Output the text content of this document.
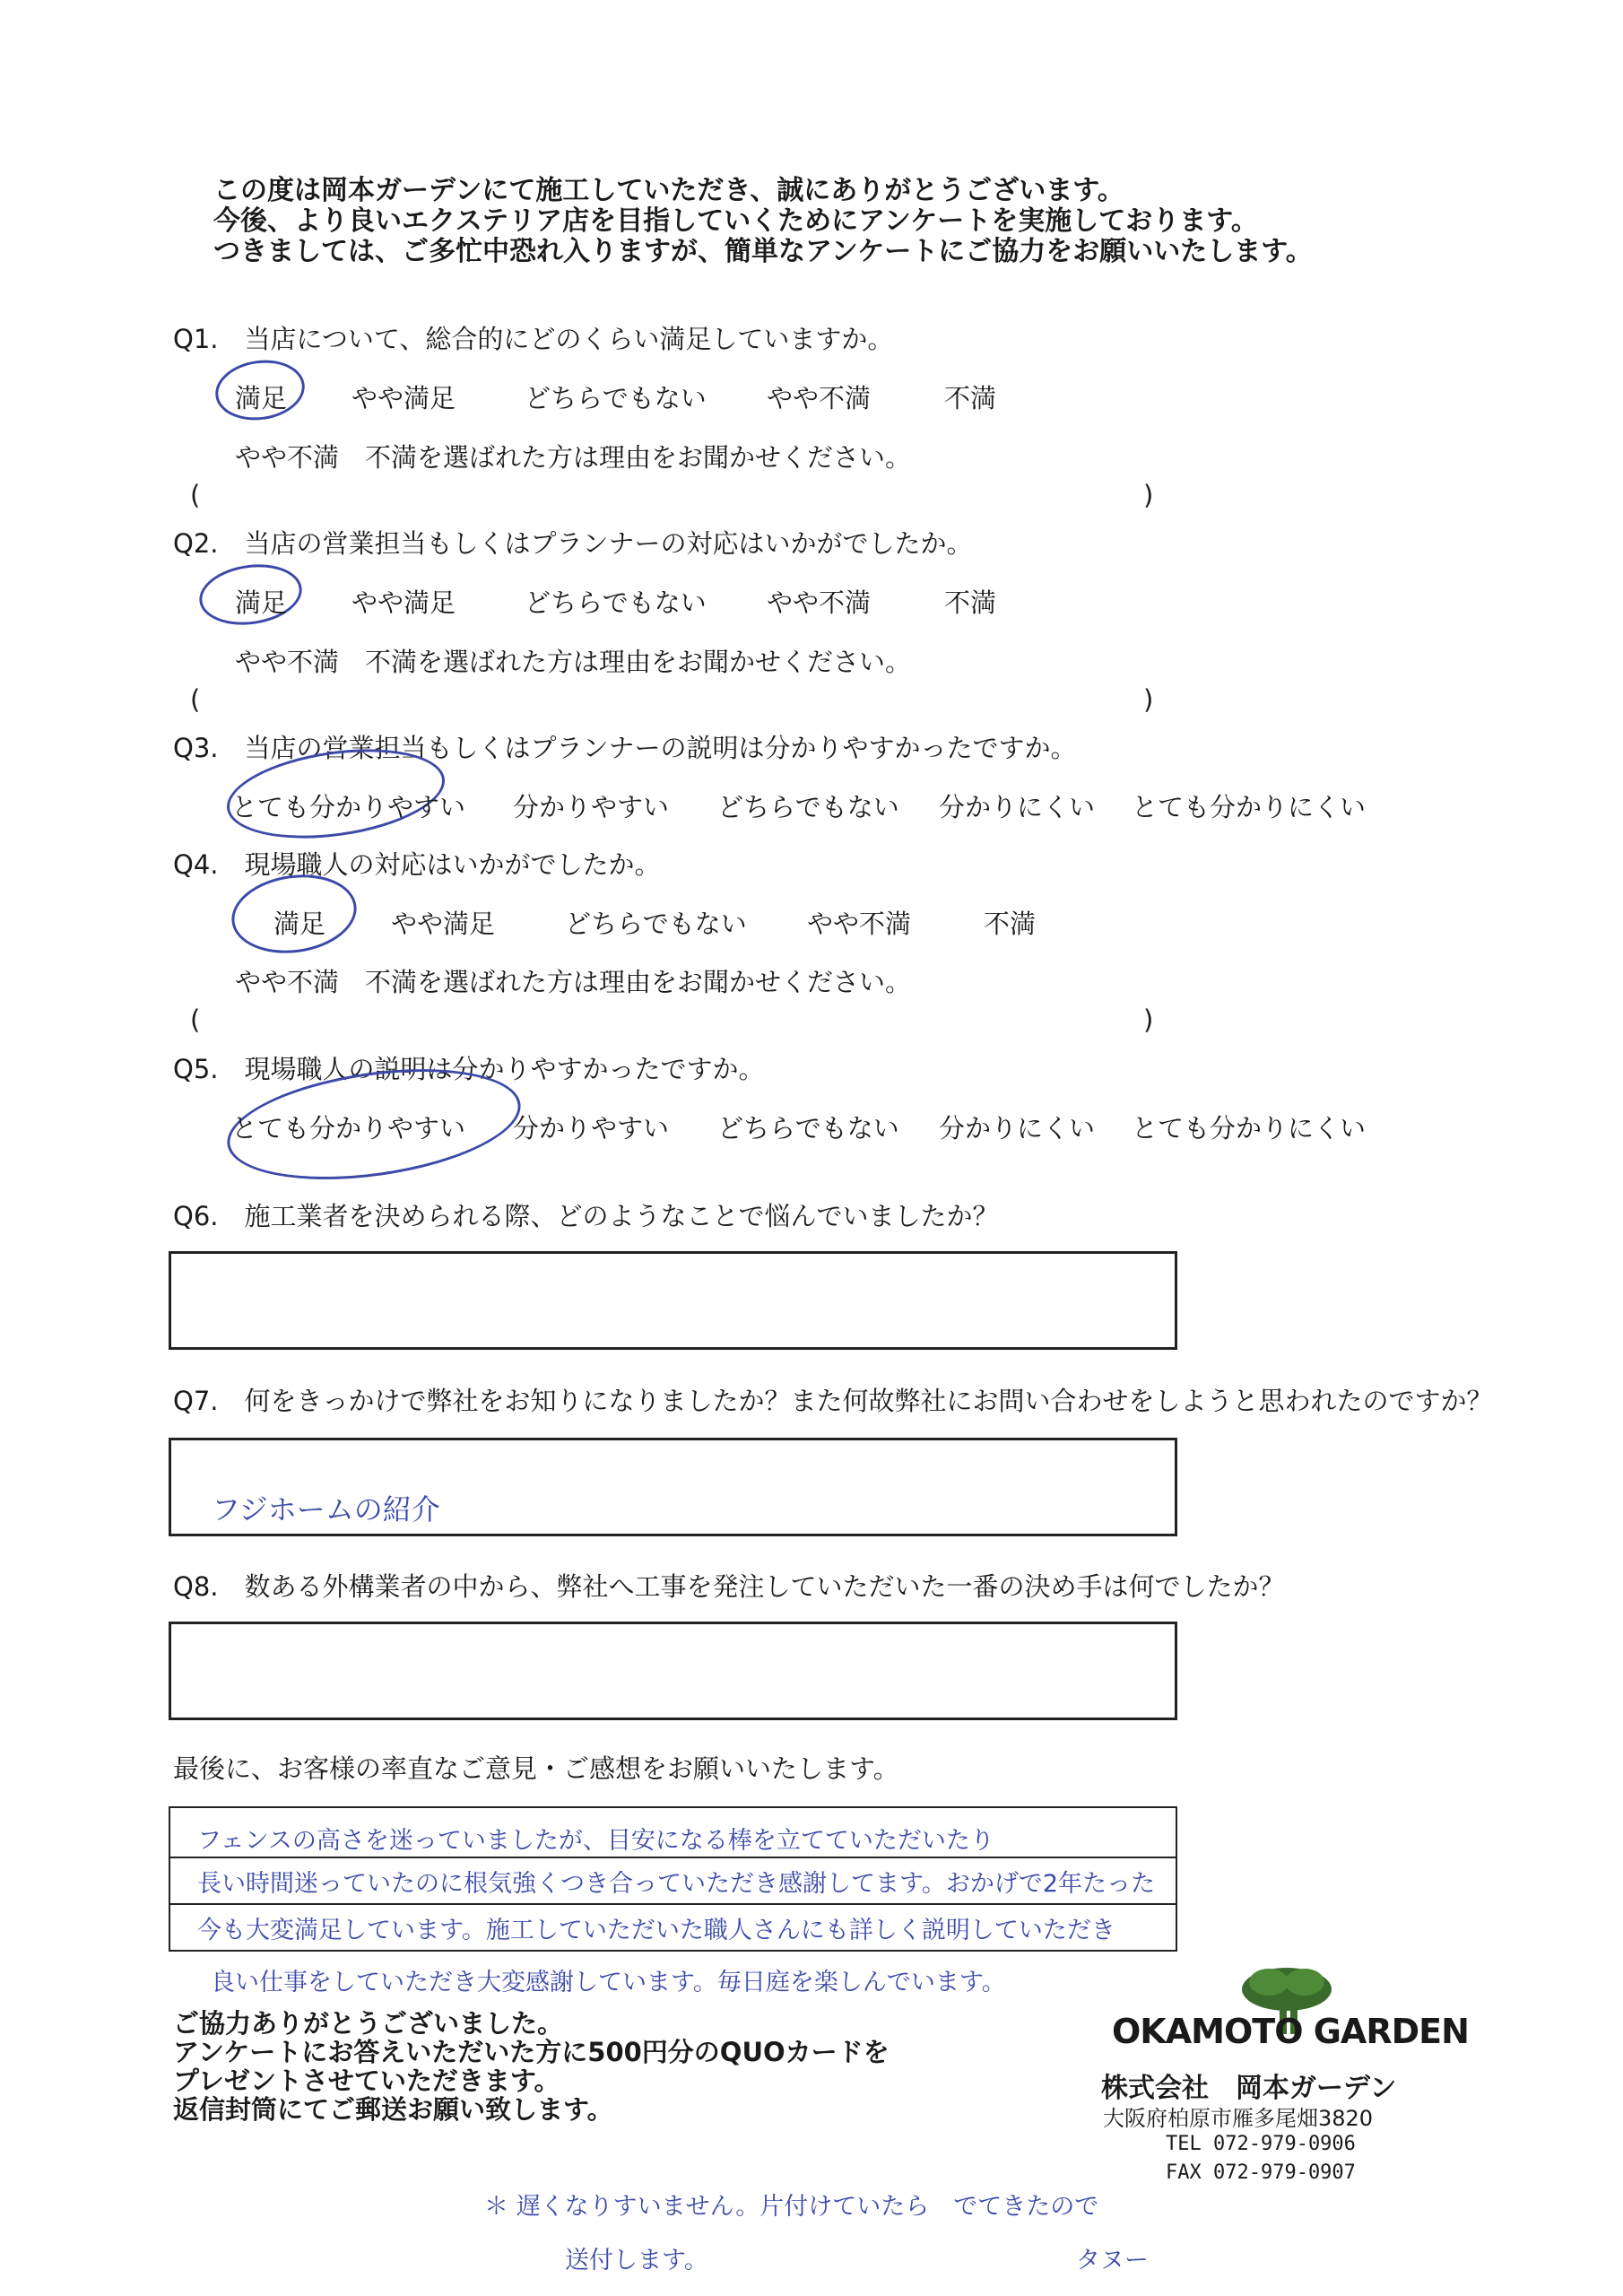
この度は岡本ガーデンにて施工していただき、誠にありがとうございます。
今後、より良いエクステリア店を目指していくためにアンケートを実施しております。
つきましては、ご多忙中恐れ入りますが、簡単なアンケートにご協力をお願いいたします。
Q1.　当店について、総合的にどのくらい満足していますか。
満足 やや満足	どちらでもない やや不満	不満
やや不満　不満を選ばれた方は理由をお聞かせください。
(	)
Q2.　当店の営業担当もしくはプランナーの対応はいかがでしたか。
満足 やや満足	どちらでもない やや不満	不満
やや不満　不満を選ばれた方は理由をお聞かせください。
(	)
Q3.　当店の営業担当もしくはプランナーの説明は分かりやすかったですか。
とても分かりやすい 分かりやすい どちらでもない 分かりにくい とても分かりにくい
Q4.　現場職人の対応はいかがでしたか。
満足	やや満足	どちらでもない やや不満	不満
やや不満　不満を選ばれた方は理由をお聞かせください。
(	)
Q5.　現場職人の説明は分かりやすかったですか。
とても分かりやすい 分かりやすい どちらでもない 分かりにくい とても分かりにくい
Q6.　施工業者を決められる際、どのようなことで悩んでいましたか？
Q7.　何をきっかけで弊社をお知りになりましたか？また何故弊社にお問い合わせをしようと思われたのですか？
フジホームの紹介
Q8.　数ある外構業者の中から、弊社へ工事を発注していただいた一番の決め手は何でしたか？
最後に、お客様の率直なご意見・ご感想をお願いいたします。
フェンスの高さを迷っていましたが、目安になる棒を立てていただいたり
長い時間迷っていたのに根気強くつき合っていただき感謝してます。おかげで2年たった
今も大変満足しています。施工していただいた職人さんにも詳しく説明していただき
良い仕事をしていただき大変感謝しています。毎日庭を楽しんでいます。
ご協力ありがとうございました。
アンケートにお答えいただいた方に500円分のQUOカードを
プレゼントさせていただきます。
返信封筒にてご郵送お願い致します。
OKAMOTO GARDEN
株式会社　岡本ガーデン
大阪府柏原市雁多尾畑3820
TEL 072-979-0906
FAX 072-979-0907
＊ 遅くなりすいません。片付けていたら　でてきたので
送付します。	タヌー
